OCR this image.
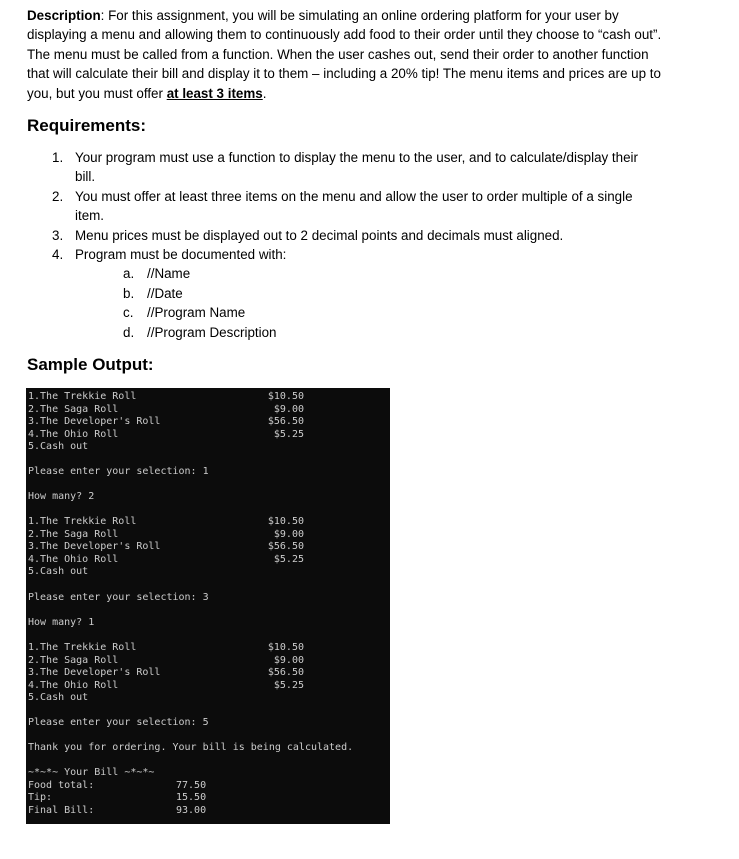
Description: For this assignment, you will be simulating an online ordering platform for your user by displaying a menu and allowing them to continuously add food to their order until they choose to “cash out”. The menu must be called from a function. When the user cashes out, send their order to another function that will calculate their bill and display it to them – including a 20% tip! The menu items and prices are up to you, but you must offer at least 3 items.

Requirements:
1. Your program must use a function to display the menu to the user, and to calculate/display their bill.
2. You must offer at least three items on the menu and allow the user to order multiple of a single item.
3. Menu prices must be displayed out to 2 decimal points and decimals must aligned.
4. Program must be documented with:
a. //Name
b. //Date
c. //Program Name
d. //Program Description
Sample Output:
1.The Trekkie Roll
2.The Saga Roll
3.The Developer's Roll
4.The Ohio Roll
5.Cash out
$10.50
$9.00
$56.50
$5.25
Please enter your selection: 1
How many? 2
1.The Trekkie Roll
2.The Saga Roll
3.The Developer's Roll
4.The Ohio Roll
5.Cash out
$10.50
$9.00
$56.50
$5.25
Please enter your selection: 3
How many? 1
1.The Trekkie Roll
2.The Saga Roll
3.The Developer's Roll
4.The Ohio Roll
5.Cash out
$10.50
$9.00
$56.50
$5.25
Please enter your selection: 5
Thank you for ordering. Your bill is being calculated.
~*~*~ Your Bill ~*~*~
Food total:
Tip:
Final Bill:
77.50
15.50
93.00
